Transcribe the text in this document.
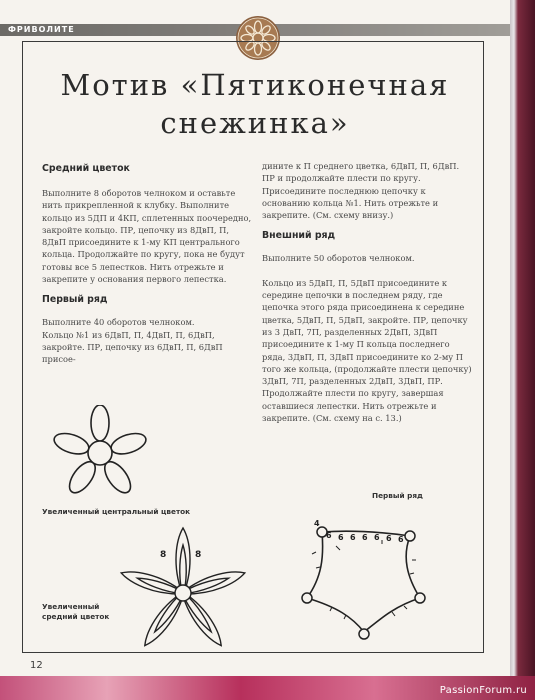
ФРИВОЛИТЕ
Мотив «Пятиконечная
снежинка»
Средний цветок

Выполните 8 оборотов челноком и оставьте нить прикрепленной к клубку. Выполните кольцо из 5ДП и 4КП, сплетенных поочередно, закройте кольцо. ПР, цепочку из 8ДвП, П, 8ДвП присоедините к 1-му КП центрального кольца. Продолжайте по кругу, пока не будут готовы все 5 лепестков. Нить отрежьте и закрепите у основания первого лепестка.

Первый ряд

Выполните 40 оборотов челноком.

Кольцо №1 из 6ДвП, П, 4ДвП, П, 6ДвП, закройте. ПР, цепочку из 6ДвП, П, 6ДвП присое-

дините к П среднего цветка, 6ДвП, П, 6ДвП. ПР и продолжайте плести по кругу. Присоедините последнюю цепочку к основанию кольца №1. Нить отрежьте и закрепите. (См. схему внизу.)

Внешний ряд

Выполните 50 оборотов челноком.

Кольцо из 5ДвП, П, 5ДвП присоедините к середине цепочки в последнем ряду, где цепочка этого ряда присоединена к середине цветка, 5ДвП, П, 5ДвП, закройте. ПР, цепочку из 3 ДвП, 7П, разделенных 2ДвП, 3ДвП присоедините к 1-му П кольца последнего ряда, 3ДвП, П, 3ДвП присоедините ко 2-му П того же кольца, (продолжайте плести цепочку) 3ДвП, 7П, разделенных 2ДвП, 3ДвП, ПР. Продолжайте плести по кругу, завершая оставшиеся лепестки. Нить отрежьте и закрепите. (См. схему на с. 13.)

Увеличенный центральный цветок
8	8
Увеличенный
средний цветок
Первый ряд
4
6 6 6 6 6 6 6
12
PassionForum.ru
